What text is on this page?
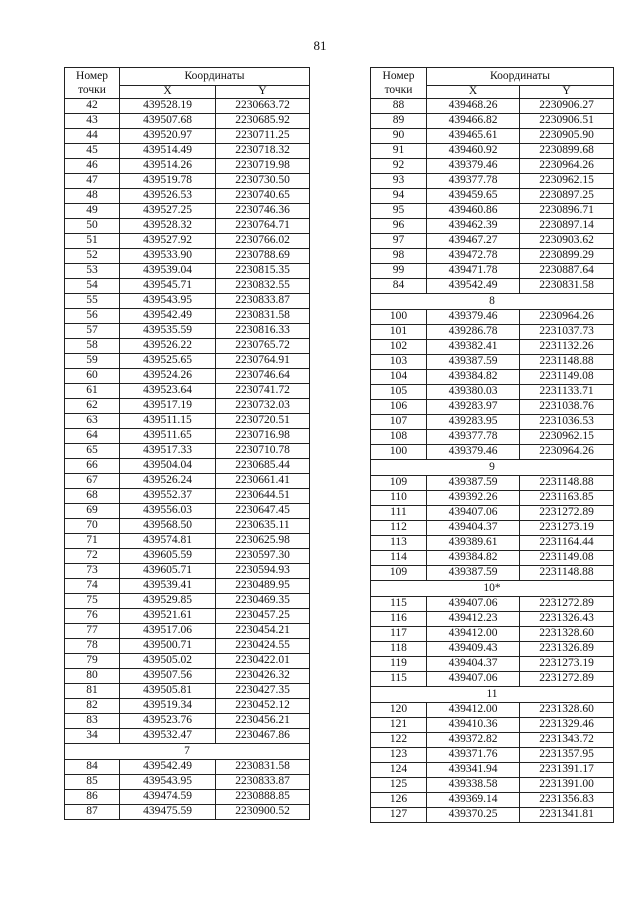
81
Номер
точки	Координаты	
	X	Y
42	439528.19	2230663.72
43	439507.68	2230685.92
44	439520.97	2230711.25
45	439514.49	2230718.32
46	439514.26	2230719.98
47	439519.78	2230730.50
48	439526.53	2230740.65
49	439527.25	2230746.36
50	439528.32	2230764.71
51	439527.92	2230766.02
52	439533.90	2230788.69
53	439539.04	2230815.35
54	439545.71	2230832.55
55	439543.95	2230833.87
56	439542.49	2230831.58
57	439535.59	2230816.33
58	439526.22	2230765.72
59	439525.65	2230764.91
60	439524.26	2230746.64
61	439523.64	2230741.72
62	439517.19	2230732.03
63	439511.15	2230720.51
64	439511.65	2230716.98
65	439517.33	2230710.78
66	439504.04	2230685.44
67	439526.24	2230661.41
68	439552.37	2230644.51
69	439556.03	2230647.45
70	439568.50	2230635.11
71	439574.81	2230625.98
72	439605.59	2230597.30
73	439605.71	2230594.93
74	439539.41	2230489.95
75	439529.85	2230469.35
76	439521.61	2230457.25
77	439517.06	2230454.21
78	439500.71	2230424.55
79	439505.02	2230422.01
80	439507.56	2230426.32
81	439505.81	2230427.35
82	439519.34	2230452.12
83	439523.76	2230456.21
34	439532.47	2230467.86
7		
84	439542.49	2230831.58
85	439543.95	2230833.87
86	439474.59	2230888.85
87	439475.59	2230900.52
Номер
точки	Координаты	
	X	Y
88	439468.26	2230906.27
89	439466.82	2230906.51
90	439465.61	2230905.90
91	439460.92	2230899.68
92	439379.46	2230964.26
93	439377.78	2230962.15
94	439459.65	2230897.25
95	439460.86	2230896.71
96	439462.39	2230897.14
97	439467.27	2230903.62
98	439472.78	2230899.29
99	439471.78	2230887.64
84	439542.49	2230831.58
8		
100	439379.46	2230964.26
101	439286.78	2231037.73
102	439382.41	2231132.26
103	439387.59	2231148.88
104	439384.82	2231149.08
105	439380.03	2231133.71
106	439283.97	2231038.76
107	439283.95	2231036.53
108	439377.78	2230962.15
100	439379.46	2230964.26
9		
109	439387.59	2231148.88
110	439392.26	2231163.85
111	439407.06	2231272.89
112	439404.37	2231273.19
113	439389.61	2231164.44
114	439384.82	2231149.08
109	439387.59	2231148.88
10*		
115	439407.06	2231272.89
116	439412.23	2231326.43
117	439412.00	2231328.60
118	439409.43	2231326.89
119	439404.37	2231273.19
115	439407.06	2231272.89
11		
120	439412.00	2231328.60
121	439410.36	2231329.46
122	439372.82	2231343.72
123	439371.76	2231357.95
124	439341.94	2231391.17
125	439338.58	2231391.00
126	439369.14	2231356.83
127	439370.25	2231341.81
